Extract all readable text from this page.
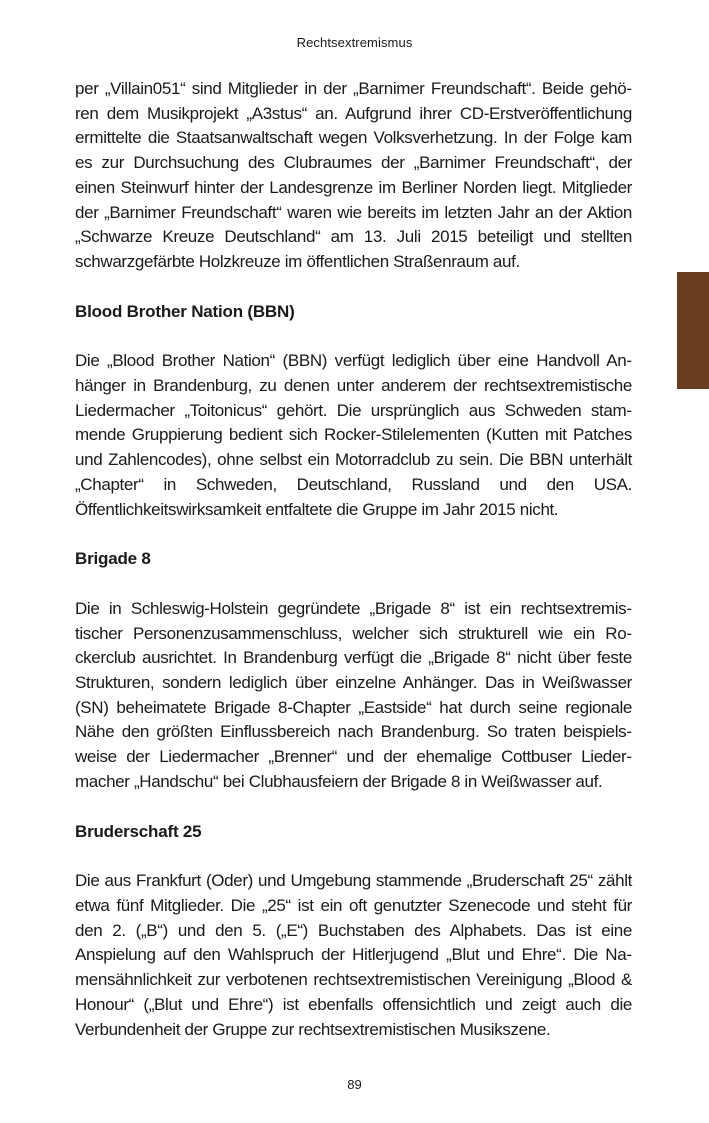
Rechtsextremismus

per „Villain051“ sind Mitglieder in der „Barnimer Freundschaft“. Beide gehören dem Musikprojekt „A3stus“ an. Aufgrund ihrer CD-Erstveröffentlichung ermittelte die Staatsanwaltschaft wegen Volksverhetzung. In der Folge kam es zur Durchsuchung des Clubraumes der „Barnimer Freundschaft“, der einen Steinwurf hinter der Landesgrenze im Berliner Norden liegt. Mitglieder der „Barnimer Freundschaft“ waren wie bereits im letzten Jahr an der Aktion „Schwarze Kreuze Deutschland“ am 13. Juli 2015 beteiligt und stellten schwarzgefärbte Holzkreuze im öffentlichen Straßenraum auf.

Blood Brother Nation (BBN)

Die „Blood Brother Nation“ (BBN) verfügt lediglich über eine Handvoll Anhänger in Brandenburg, zu denen unter anderem der rechtsextremistische Liedermacher „Toitonicus“ gehört. Die ursprünglich aus Schweden stammende Gruppierung bedient sich Rocker-Stilelementen (Kutten mit Patches und Zahlencodes), ohne selbst ein Motorradclub zu sein. Die BBN unterhält „Chapter“ in Schweden, Deutschland, Russland und den USA. Öffentlichkeitswirksamkeit entfaltete die Gruppe im Jahr 2015 nicht.

Brigade 8

Die in Schleswig-Holstein gegründete „Brigade 8“ ist ein rechtsextremistischer Personenzusammenschluss, welcher sich strukturell wie ein Rockerclub ausrichtet. In Brandenburg verfügt die „Brigade 8“ nicht über feste Strukturen, sondern lediglich über einzelne Anhänger. Das in Weißwasser (SN) beheimatete Brigade 8-Chapter „Eastside“ hat durch seine regionale Nähe den größten Einflussbereich nach Brandenburg. So traten beispielsweise der Liedermacher „Brenner“ und der ehemalige Cottbuser Liedermacher „Handschu“ bei Clubhausfeiern der Brigade 8 in Weißwasser auf.

Bruderschaft 25

Die aus Frankfurt (Oder) und Umgebung stammende „Bruderschaft 25“ zählt etwa fünf Mitglieder. Die „25“ ist ein oft genutzter Szenecode und steht für den 2. („B“) und den 5. („E“) Buchstaben des Alphabets. Das ist eine Anspielung auf den Wahlspruch der Hitlerjugend „Blut und Ehre“. Die Namensähnlichkeit zur verbotenen rechtsextremistischen Vereinigung „Blood & Honour“ („Blut und Ehre“) ist ebenfalls offensichtlich und zeigt auch die Verbundenheit der Gruppe zur rechtsextremistischen Musikszene.

89
